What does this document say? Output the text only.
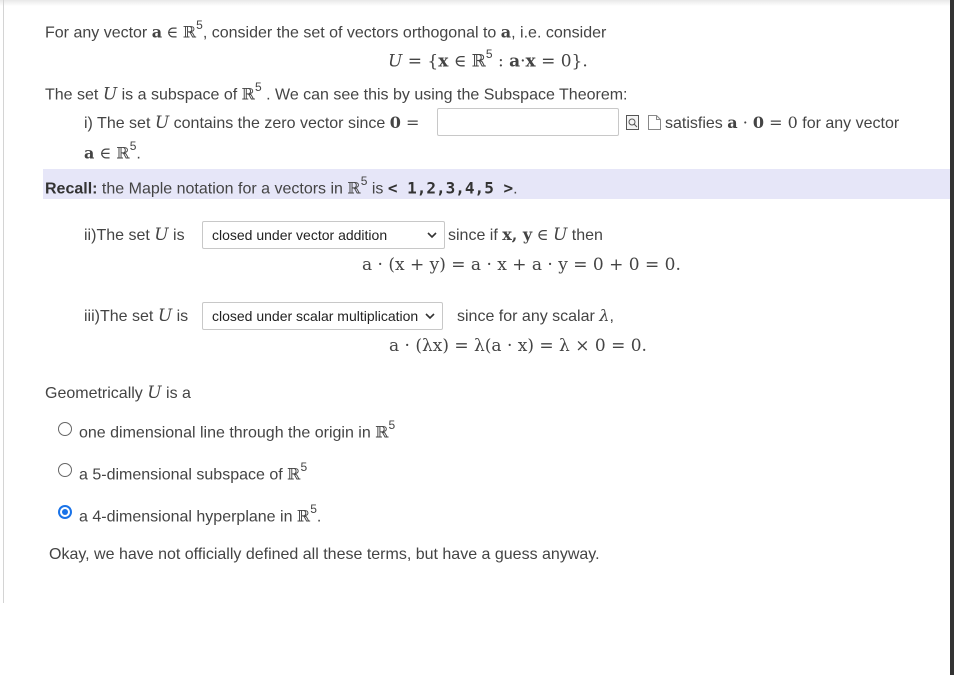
For any vector a ∈ ℝ$^5$, consider the set of vectors orthogonal to a, i.e. consider
U = {x ∈ ℝ$^5$ : a·x = 0}.
The set U is a subspace of ℝ$^5$ . We can see this by using the Subspace Theorem:
i) The set U contains the zero vector since 0 =	satisfies a · 0 = 0 for any vector
a ∈ ℝ$^5$.
Recall: the Maple notation for a vectors in ℝ$^5$ is < 1,2,3,4,5 >.
ii)The set U is	closed under vector addition	since if x, y ∈ U then
a · (x + y) = a · x + a · y = 0 + 0 = 0.
iii)The set U is	closed under scalar multiplication	since for any scalar λ,
a · (λx) = λ(a · x) = λ × 0 = 0.
Geometrically U is a
one dimensional line through the origin in ℝ$^5$
a 5-dimensional subspace of ℝ$^5$
a 4-dimensional hyperplane in ℝ$^5$.
Okay, we have not officially defined all these terms, but have a guess anyway.
